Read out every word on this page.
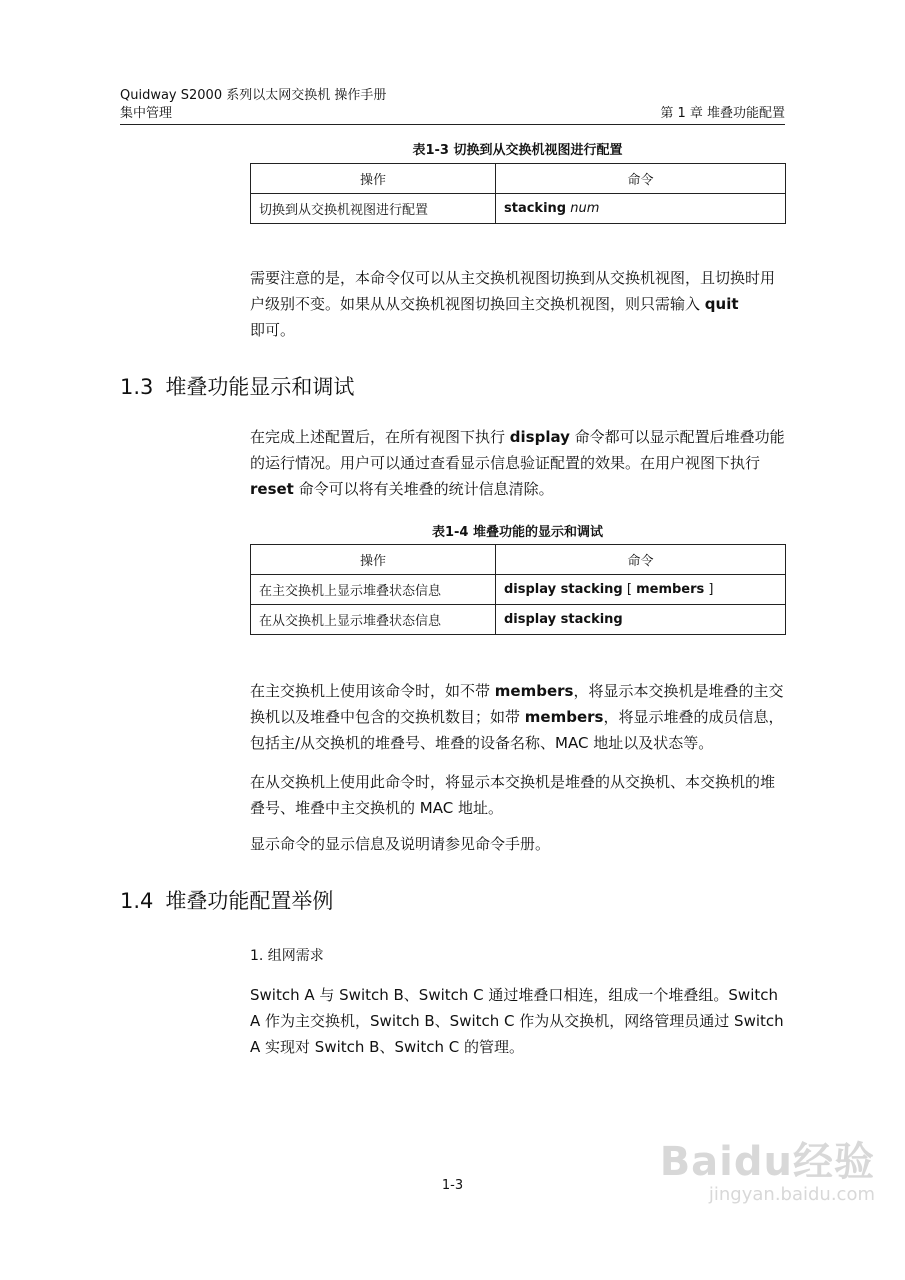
Quidway S2000 系列以太网交换机 操作手册
集中管理	第 1 章 堆叠功能配置
表1-3 切换到从交换机视图进行配置
操作	命令
切换到从交换机视图进行配置	stacking num

需要注意的是，本命令仅可以从主交换机视图切换到从交换机视图，且切换时用户级别不变。如果从从交换机视图切换回主交换机视图，则只需输入 quit
即可。

1.3 堆叠功能显示和调试

在完成上述配置后，在所有视图下执行 display 命令都可以显示配置后堆叠功能的运行情况。用户可以通过查看显示信息验证配置的效果。在用户视图下执行 reset 命令可以将有关堆叠的统计信息清除。

表1-4 堆叠功能的显示和调试
操作	命令
在主交换机上显示堆叠状态信息	display stacking [ members ]
在从交换机上显示堆叠状态信息	display stacking

在主交换机上使用该命令时，如不带 members，将显示本交换机是堆叠的主交换机以及堆叠中包含的交换机数目；如带 members，将显示堆叠的成员信息，包括主/从交换机的堆叠号、堆叠的设备名称、MAC 地址以及状态等。

在从交换机上使用此命令时，将显示本交换机是堆叠的从交换机、本交换机的堆叠号、堆叠中主交换机的 MAC 地址。

显示命令的显示信息及说明请参见命令手册。

1.4 堆叠功能配置举例
1. 组网需求

Switch A 与 Switch B、Switch C 通过堆叠口相连，组成一个堆叠组。Switch A 作为主交换机，Switch B、Switch C 作为从交换机，网络管理员通过 Switch A 实现对 Switch B、Switch C 的管理。

1-3
Baidu经验
jingyan.baidu.com
